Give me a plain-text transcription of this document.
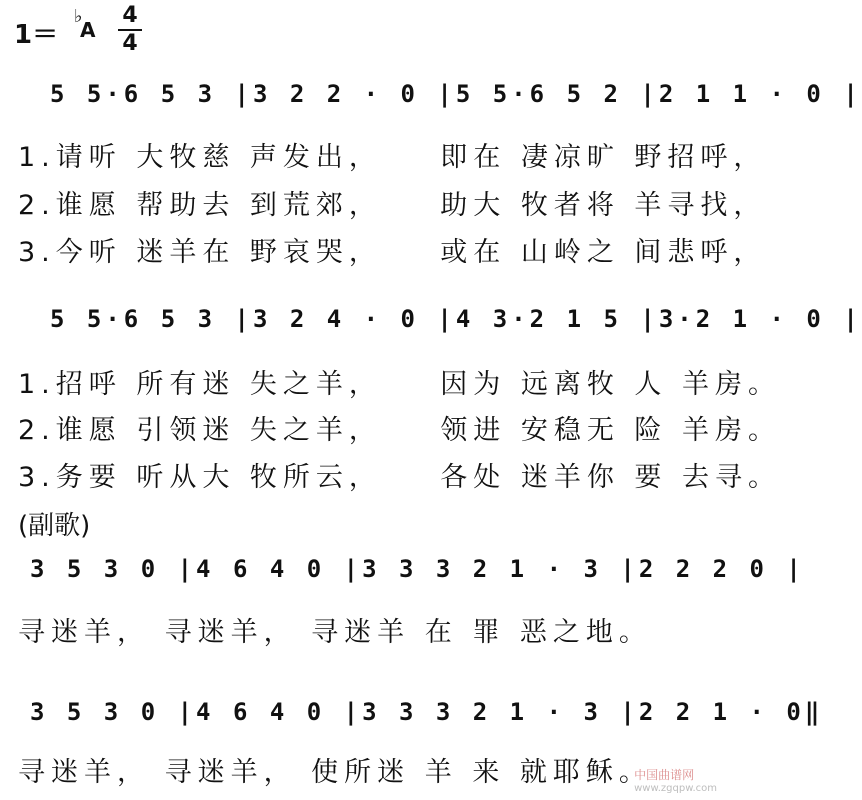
1＝
♭
A
4
4
5 5·6 5 3 |3 2 2 · 0 |5 5·6 5 2 |2 1 1 · 0 |
1.请听 大牧慈 声发出，    即在 凄凉旷 野招呼，
2.谁愿 帮助去 到荒郊，    助大 牧者将 羊寻找，
3.今听 迷羊在 野哀哭，    或在 山岭之 间悲呼，
5 5·6 5 3 |3 2 4 · 0 |4 3·2 1 5 |3·2 1 · 0 |
1.招呼 所有迷 失之羊，    因为 远离牧 人 羊房。
2.谁愿 引领迷 失之羊，    领进 安稳无 险 羊房。
3.务要 听从大 牧所云，    各处 迷羊你 要 去寻。
(副歌)
3 5 3 0 |4 6 4 0 |3 3 3 2 1 · 3 |2 2 2 0 |
寻迷羊， 寻迷羊， 寻迷羊 在 罪 恶之地。
3 5 3 0 |4 6 4 0 |3 3 3 2 1 · 3 |2 2 1 · 0‖
寻迷羊， 寻迷羊， 使所迷 羊 来 就耶稣。
中国曲谱网
www.zgqpw.com
